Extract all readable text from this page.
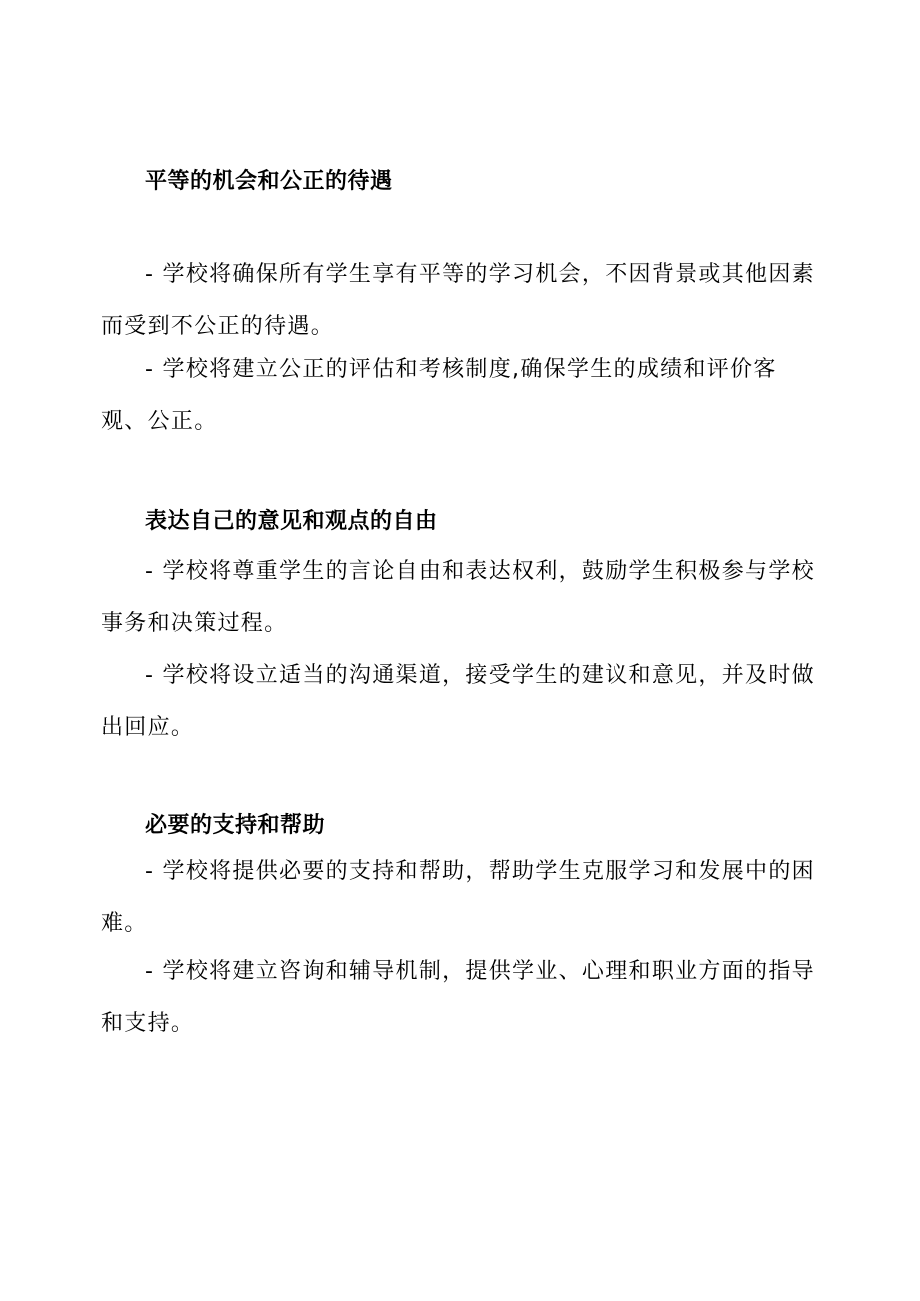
平等的机会和公正的待遇

- 学校将确保所有学生享有平等的学习机会，不因背景或其他因素而受到不公正的待遇。

- 学校将建立公正的评估和考核制度,确保学生的成绩和评价客观、公正。

表达自己的意见和观点的自由

- 学校将尊重学生的言论自由和表达权利，鼓励学生积极参与学校事务和决策过程。

- 学校将设立适当的沟通渠道，接受学生的建议和意见，并及时做出回应。

必要的支持和帮助

- 学校将提供必要的支持和帮助，帮助学生克服学习和发展中的困难。

- 学校将建立咨询和辅导机制，提供学业、心理和职业方面的指导和支持。
